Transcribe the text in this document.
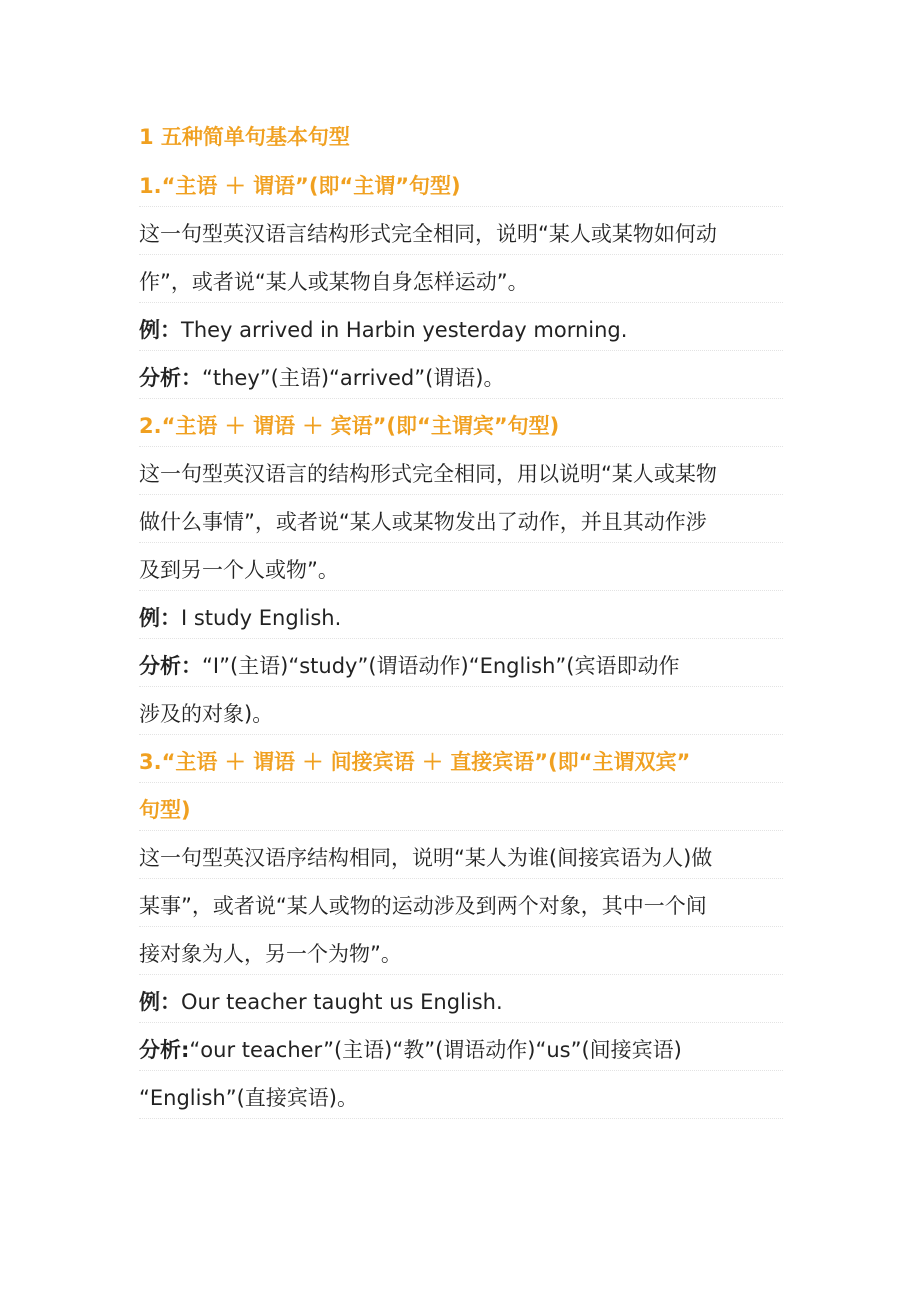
1 五种简单句基本句型
1.“主语 ＋ 谓语”(即“主谓”句型)
这一句型英汉语言结构形式完全相同，说明“某人或某物如何动
作”，或者说“某人或某物自身怎样运动”。
例：They arrived in Harbin yesterday morning.
分析：“they”(主语)“arrived”(谓语)。
2.“主语 ＋ 谓语 ＋ 宾语”(即“主谓宾”句型)
这一句型英汉语言的结构形式完全相同，用以说明“某人或某物
做什么事情”，或者说“某人或某物发出了动作，并且其动作涉
及到另一个人或物”。
例：I study English.
分析：“I”(主语)“study”(谓语动作)“English”(宾语即动作
涉及的对象)。
3.“主语 ＋ 谓语 ＋ 间接宾语 ＋ 直接宾语”(即“主谓双宾”
句型)
这一句型英汉语序结构相同，说明“某人为谁(间接宾语为人)做
某事”，或者说“某人或物的运动涉及到两个对象，其中一个间
接对象为人，另一个为物”。
例：Our teacher taught us English.
分析:“our teacher”(主语)“教”(谓语动作)“us”(间接宾语)
“English”(直接宾语)。
